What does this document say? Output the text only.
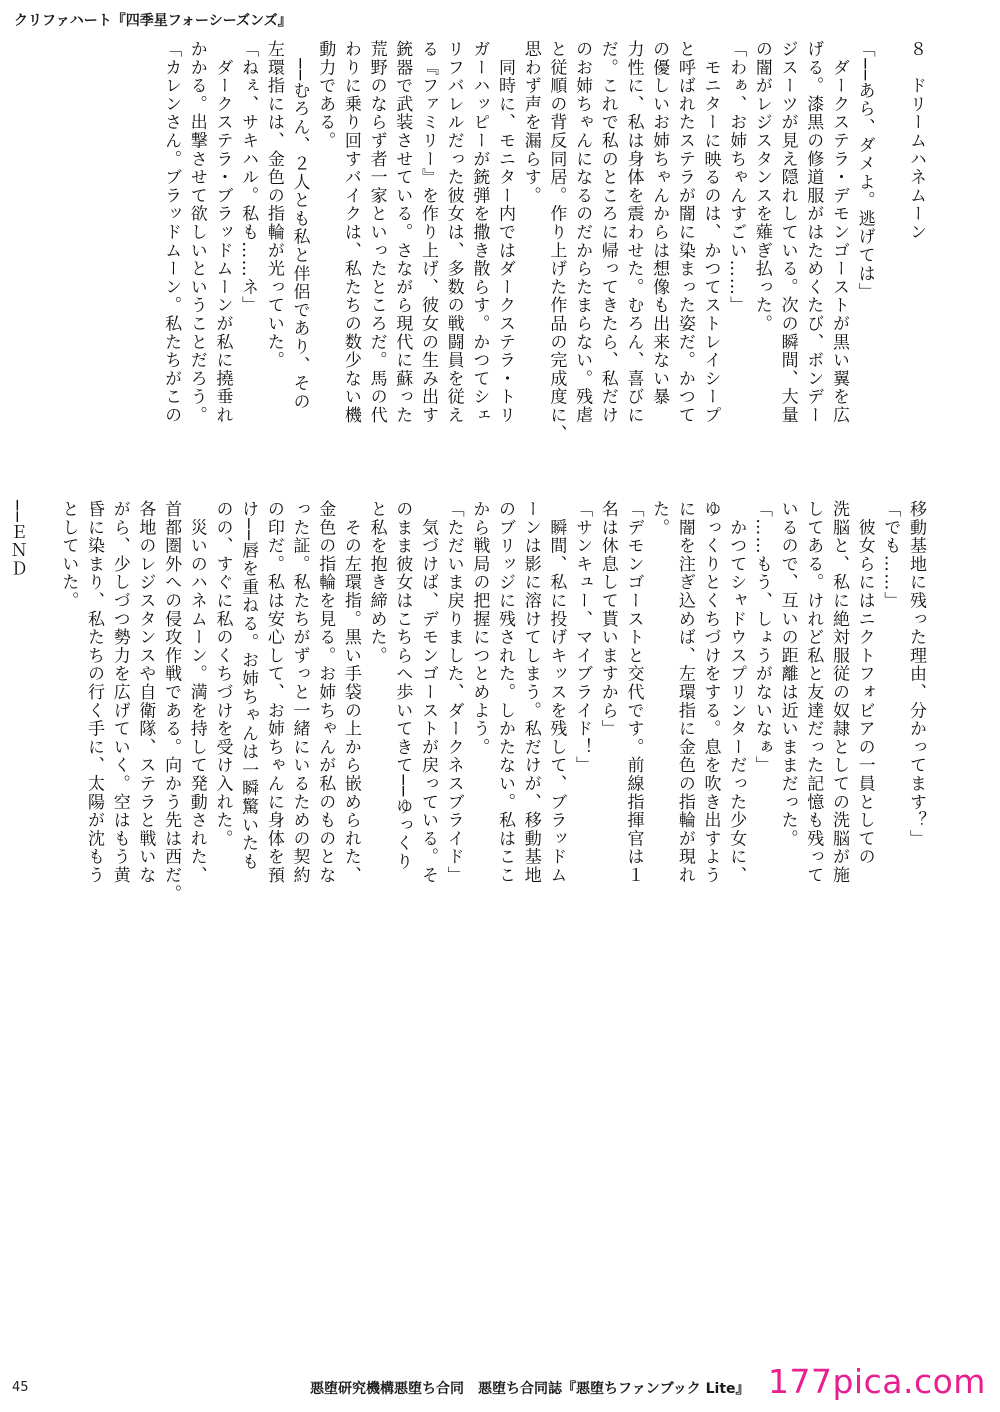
クリファハート『四季星フォーシーズンズ』
８　ドリームハネムーン
「──あら、ダメよ。逃げては」
　ダークステラ・デモンゴーストが黒い翼を広
げる。漆黒の修道服がはためくたび、ボンデー
ジスーツが見え隠れしている。次の瞬間、大量
の闇がレジスタンスを薙ぎ払った。
「わぁ、お姉ちゃんすごい……」
　モニターに映るのは、かつてストレイシープ
と呼ばれたステラが闇に染まった姿だ。かつて
の優しいお姉ちゃんからは想像も出来ない暴
力性に、私は身体を震わせた。むろん、喜びに
だ。これで私のところに帰ってきたら、私だけ
のお姉ちゃんになるのだからたまらない。残虐
と従順の背反同居。作り上げた作品の完成度に、
思わず声を漏らす。
　同時に、モニター内ではダークステラ・トリ
ガーハッピーが銃弾を撒き散らす。かつてシェ
リフバレルだった彼女は、多数の戦闘員を従え
る『ファミリー』を作り上げ、彼女の生み出す
銃器で武装させている。さながら現代に蘇った
荒野のならず者一家といったところだ。馬の代
わりに乗り回すバイクは、私たちの数少ない機
動力である。
　──むろん、２人とも私と伴侶であり、その
左環指には、金色の指輪が光っていた。
「ねぇ、サキハル。私も……ネ」
　ダークステラ・ブラッドムーンが私に撓垂れ
かかる。出撃させて欲しいということだろう。
「カレンさん。ブラッドムーン。私たちがこの
移動基地に残った理由、分かってます？」
「でも……」
　彼女らにはニクトフォビアの一員としての
洗脳と、私に絶対服従の奴隷としての洗脳が施
してある。けれど私と友達だった記憶も残って
いるので、互いの距離は近いままだった。
「……もう、しょうがないなぁ」
　かつてシャドウスプリンターだった少女に、
ゆっくりとくちづけをする。息を吹き出すよう
に闇を注ぎ込めば、左環指に金色の指輪が現れ
た。
「デモンゴーストと交代です。前線指揮官は１
名は休息して貰いますから」
「サンキュー、マイブライド！」
　瞬間、私に投げキッスを残して、ブラッドム
ーンは影に溶けてしまう。私だけが、移動基地
のブリッジに残された。しかたない。私はここ
から戦局の把握につとめよう。
「ただいま戻りました、ダークネスブライド」
　気づけば、デモンゴーストが戻っている。そ
のまま彼女はこちらへ歩いてきて──ゆっくり
と私を抱き締めた。
　その左環指。黒い手袋の上から嵌められた、
金色の指輪を見る。お姉ちゃんが私のものとな
った証。私たちがずっと一緒にいるための契約
の印だ。私は安心して、お姉ちゃんに身体を預
け──唇を重ねる。お姉ちゃんは一瞬驚いたも
のの、すぐに私のくちづけを受け入れた。
　災いのハネムーン。満を持して発動された、
首都圏外への侵攻作戦である。向かう先は西だ。
各地のレジスタンスや自衛隊、ステラと戦いな
がら、少しづつ勢力を広げていく。空はもう黄
昏に染まり、私たちの行く手に、太陽が沈もう
としていた。
──ＥＮＤ
45	悪堕研究機構悪堕ち合同　悪堕ち合同誌『悪堕ちファンブック Lite』 177pica.com
